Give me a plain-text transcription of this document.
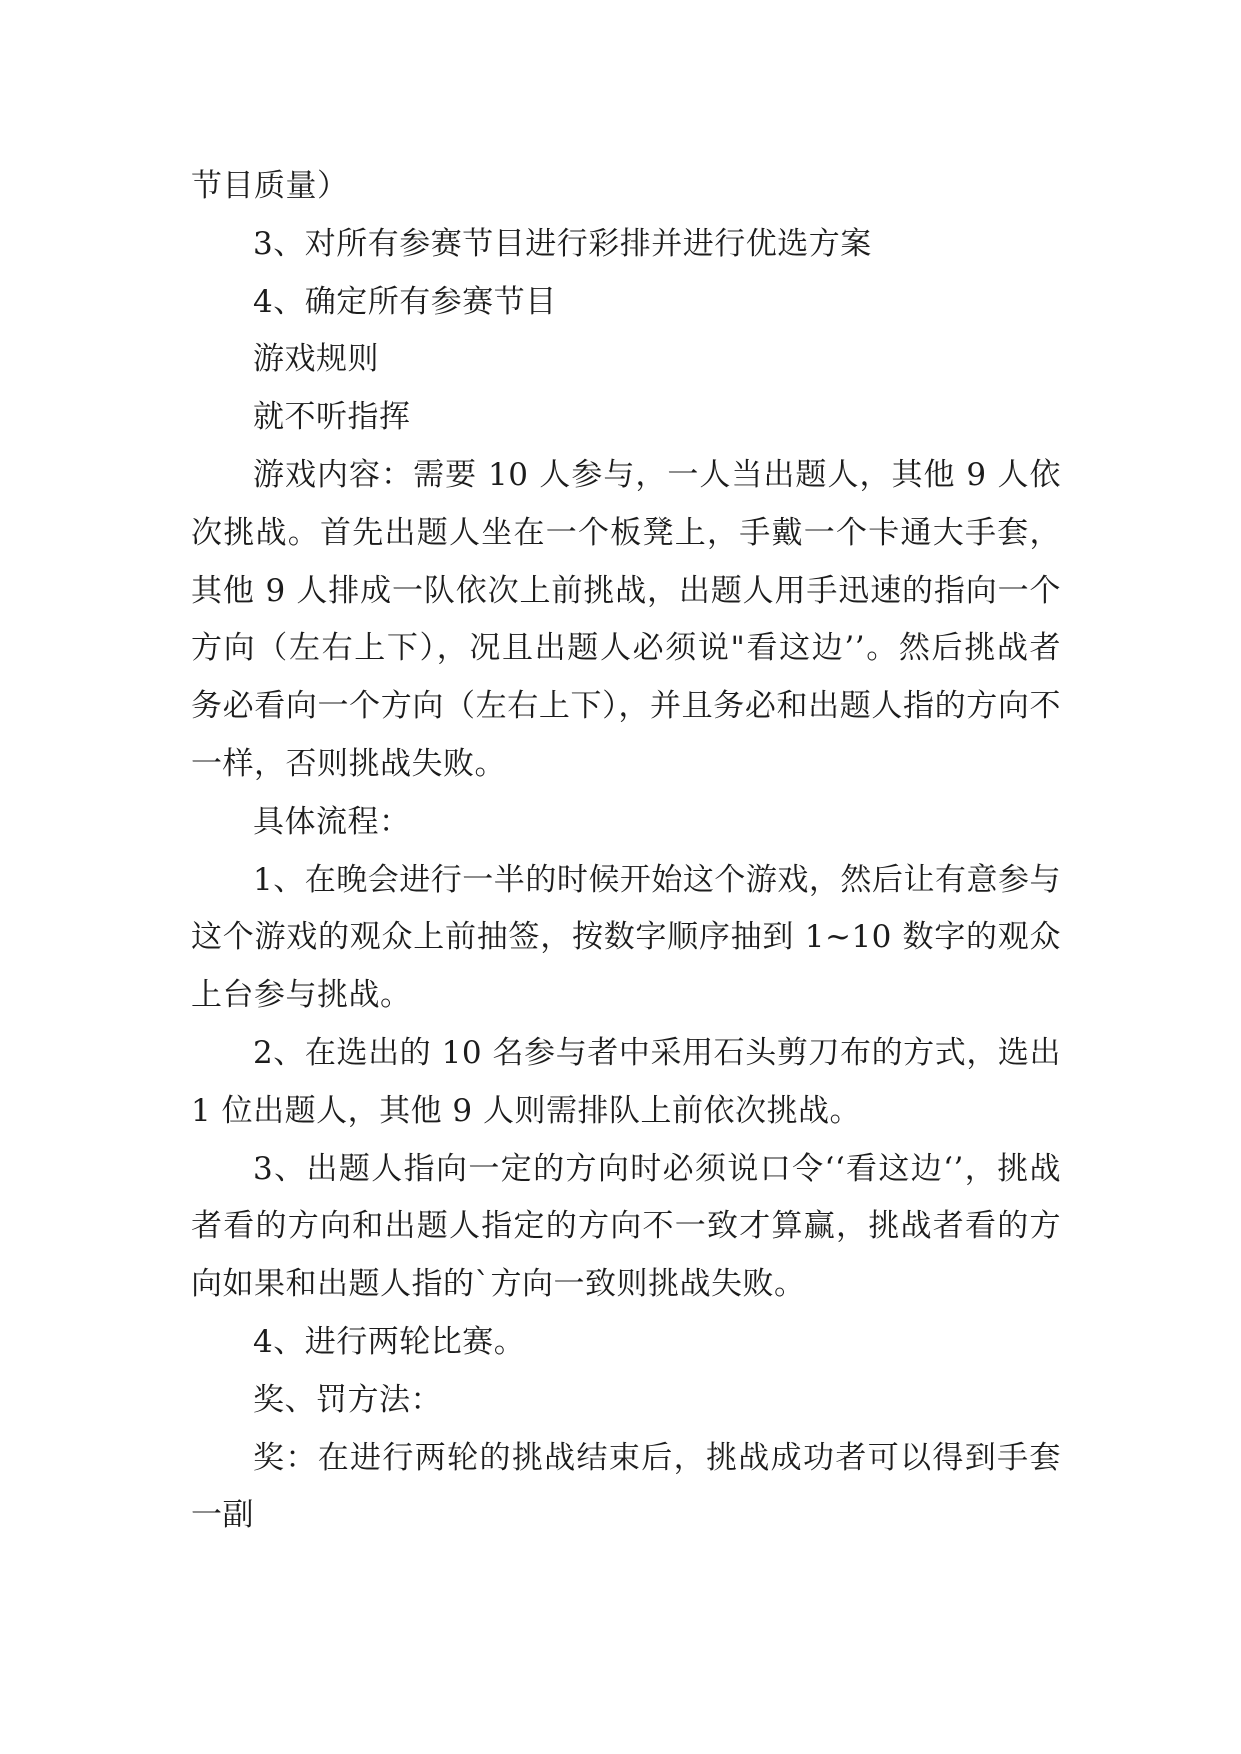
节目质量）

3、对所有参赛节目进行彩排并进行优选方案

4、确定所有参赛节目

游戏规则

就不听指挥

游戏内容：需要 10 人参与，一人当出题人，其他 9 人依次挑战。首先出题人坐在一个板凳上，手戴一个卡通大手套，其他 9 人排成一队依次上前挑战，出题人用手迅速的指向一个方向（左右上下），况且出题人必须说"看这边’’。然后挑战者务必看向一个方向（左右上下），并且务必和出题人指的方向不一样，否则挑战失败。

具体流程：

1、在晚会进行一半的时候开始这个游戏，然后让有意参与这个游戏的观众上前抽签，按数字顺序抽到 1~10 数字的观众上台参与挑战。

2、在选出的 10 名参与者中采用石头剪刀布的方式，选出 1 位出题人，其他 9 人则需排队上前依次挑战。

3、出题人指向一定的方向时必须说口令‘‘看这边‘’，挑战者看的方向和出题人指定的方向不一致才算赢，挑战者看的方向如果和出题人指的`方向一致则挑战失败。

4、进行两轮比赛。

奖、罚方法：

奖：在进行两轮的挑战结束后，挑战成功者可以得到手套一副
